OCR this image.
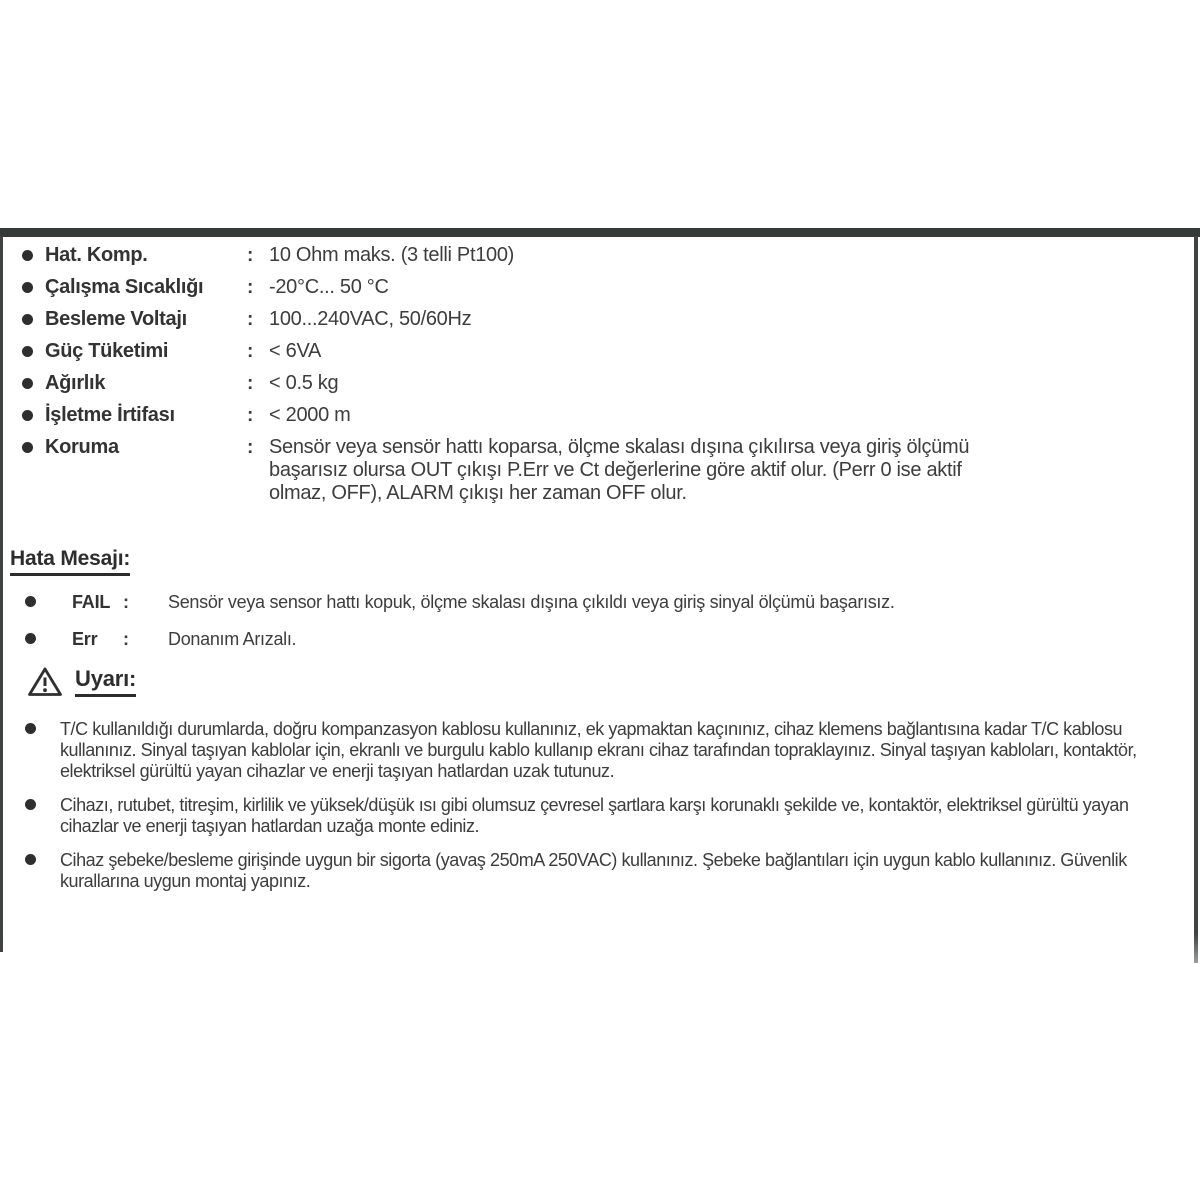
Hat. Komp.	: 10 Ohm maks. (3 telli Pt100)
Çalışma Sıcaklığı	: -20°C... 50 °C
Besleme Voltajı	: 100...240VAC, 50/60Hz
Güç Tüketimi	: < 6VA
Ağırlık	: < 0.5 kg
İşletme İrtifası	: < 2000 m
Koruma	: Sensör veya sensör hattı koparsa, ölçme skalası dışına çıkılırsa veya giriş ölçümü başarısız olursa OUT çıkışı P.Err ve Ct değerlerine göre aktif olur. (Perr 0 ise aktif olmaz, OFF), ALARM çıkışı her zaman OFF olur.
Hata Mesajı:
FAIL :	Sensör veya sensor hattı kopuk, ölçme skalası dışına çıkıldı veya giriş sinyal ölçümü başarısız.
Err	:	Donanım Arızalı.
Uyarı:

T/C kullanıldığı durumlarda, doğru kompanzasyon kablosu kullanınız, ek yapmaktan kaçınınız, cihaz klemens bağlantısına kadar T/C kablosu kullanınız. Sinyal taşıyan kablolar için, ekranlı ve burgulu kablo kullanıp ekranı cihaz tarafından topraklayınız. Sinyal taşıyan kabloları, kontaktör, elektriksel gürültü yayan cihazlar ve enerji taşıyan hatlardan uzak tutunuz.

Cihazı, rutubet, titreşim, kirlilik ve yüksek/düşük ısı gibi olumsuz çevresel şartlara karşı korunaklı şekilde ve, kontaktör, elektriksel gürültü yayan cihazlar ve enerji taşıyan hatlardan uzağa monte ediniz.

Cihaz şebeke/besleme girişinde uygun bir sigorta (yavaş 250mA 250VAC) kullanınız. Şebeke bağlantıları için uygun kablo kullanınız. Güvenlik kurallarına uygun montaj yapınız.
